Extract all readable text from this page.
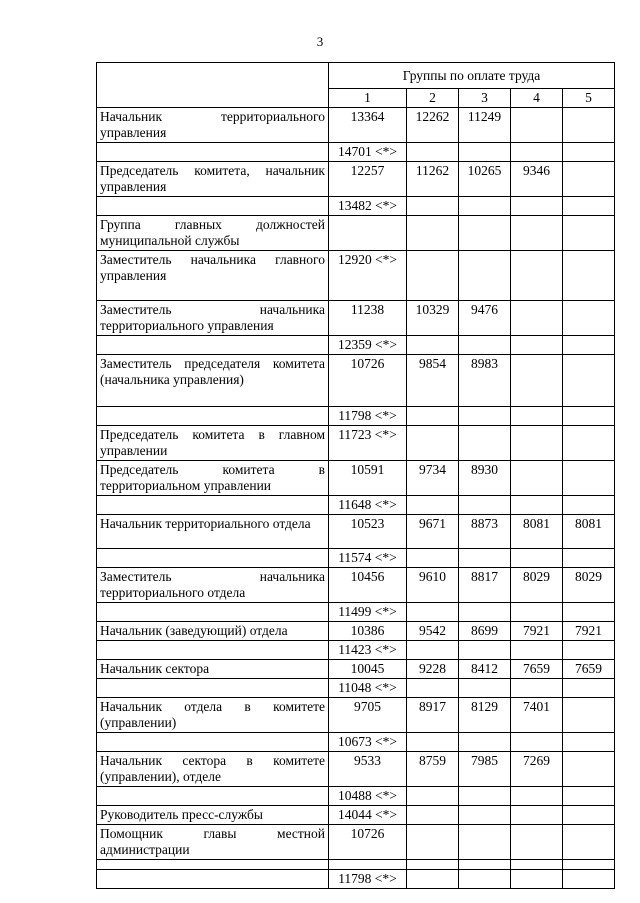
3
	Группы по оплате труда				
	1	2	3	4	5
Начальник территориального управления	13364	12262	11249		
	14701 <*>				
Председатель комитета, начальник управления	12257	11262	10265	9346	
	13482 <*>				
Группа главных должностей муниципальной службы					
Заместитель начальника главного управления	12920 <*>				
Заместитель начальника территориального управления	11238	10329	9476		
	12359 <*>				
Заместитель председателя комитета (начальника управления)	10726	9854	8983		
	11798 <*>				
Председатель комитета в главном управлении	11723 <*>				
Председатель комитета в территориальном управлении	10591	9734	8930		
	11648 <*>				
Начальник территориального отдела	10523	9671	8873	8081	8081
	11574 <*>				
Заместитель начальника территориального отдела	10456	9610	8817	8029	8029
	11499 <*>				
Начальник (заведующий) отдела	10386	9542	8699	7921	7921
	11423 <*>				
Начальник сектора	10045	9228	8412	7659	7659
	11048 <*>				
Начальник отдела в комитете (управлении)	9705	8917	8129	7401	
	10673 <*>				
Начальник сектора в комитете (управлении), отделе	9533	8759	7985	7269	
	10488 <*>				
Руководитель пресс-службы	14044 <*>				
Помощник главы местной администрации	10726				

	11798 <*>				
